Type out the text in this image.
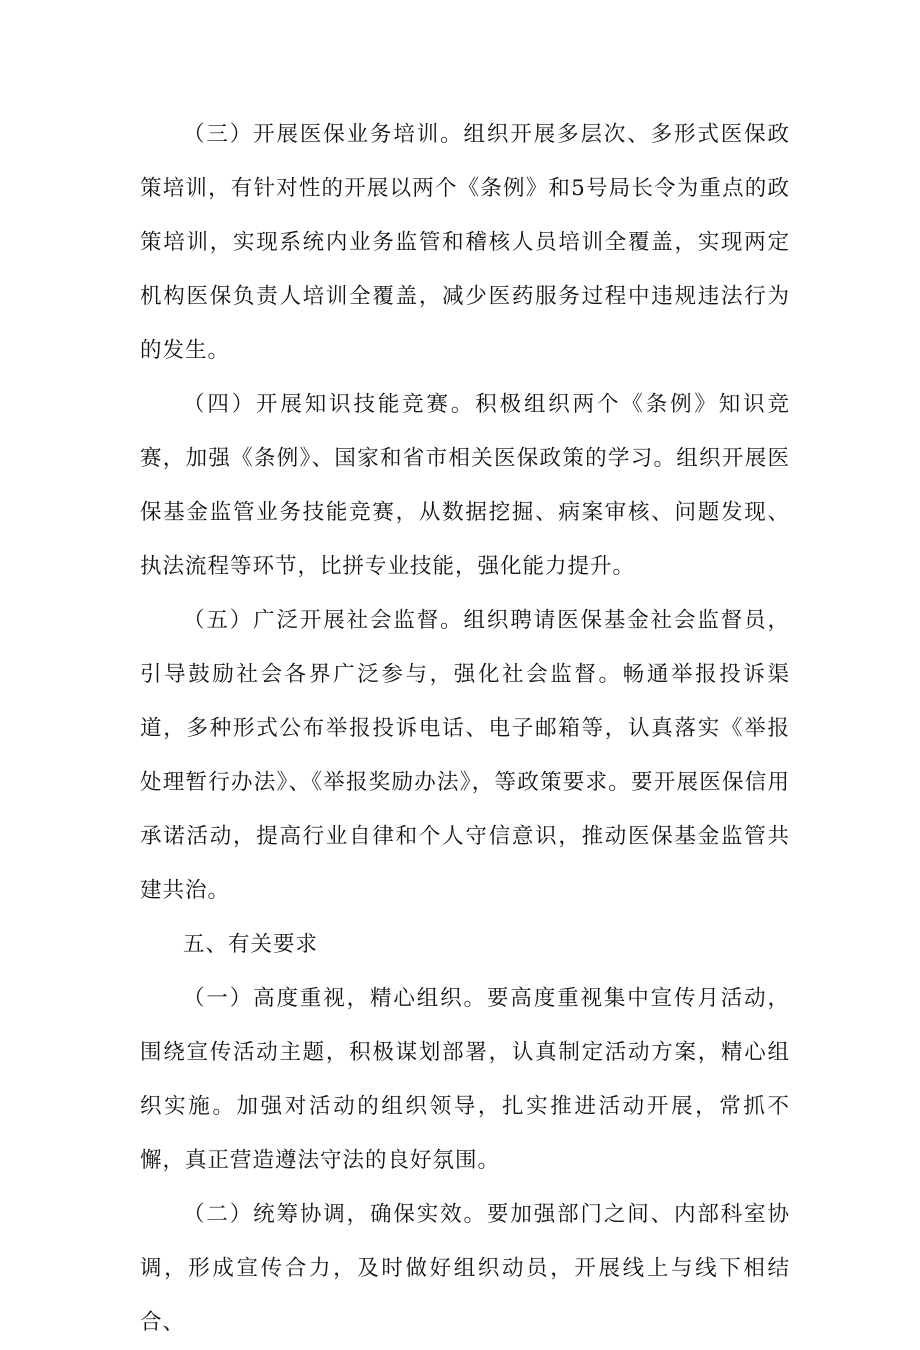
（三）开展医保业务培训。组织开展多层次、多形式医保政策培训，有针对性的开展以两个《条例》和5号局长令为重点的政策培训，实现系统内业务监管和稽核人员培训全覆盖，实现两定机构医保负责人培训全覆盖，减少医药服务过程中违规违法行为的发生。

（四）开展知识技能竞赛。积极组织两个《条例》知识竞赛，加强《条例》、国家和省市相关医保政策的学习。组织开展医保基金监管业务技能竞赛，从数据挖掘、病案审核、问题发现、执法流程等环节，比拼专业技能，强化能力提升。

（五）广泛开展社会监督。组织聘请医保基金社会监督员，引导鼓励社会各界广泛参与，强化社会监督。畅通举报投诉渠道，多种形式公布举报投诉电话、电子邮箱等，认真落实《举报处理暂行办法》、《举报奖励办法》，等政策要求。要开展医保信用承诺活动，提高行业自律和个人守信意识，推动医保基金监管共建共治。

五、有关要求

（一）高度重视，精心组织。要高度重视集中宣传月活动，围绕宣传活动主题，积极谋划部署，认真制定活动方案，精心组织实施。加强对活动的组织领导，扎实推进活动开展，常抓不懈，真正营造遵法守法的良好氛围。

（二）统筹协调，确保实效。要加强部门之间、内部科室协调，形成宣传合力，及时做好组织动员，开展线上与线下相结合、
